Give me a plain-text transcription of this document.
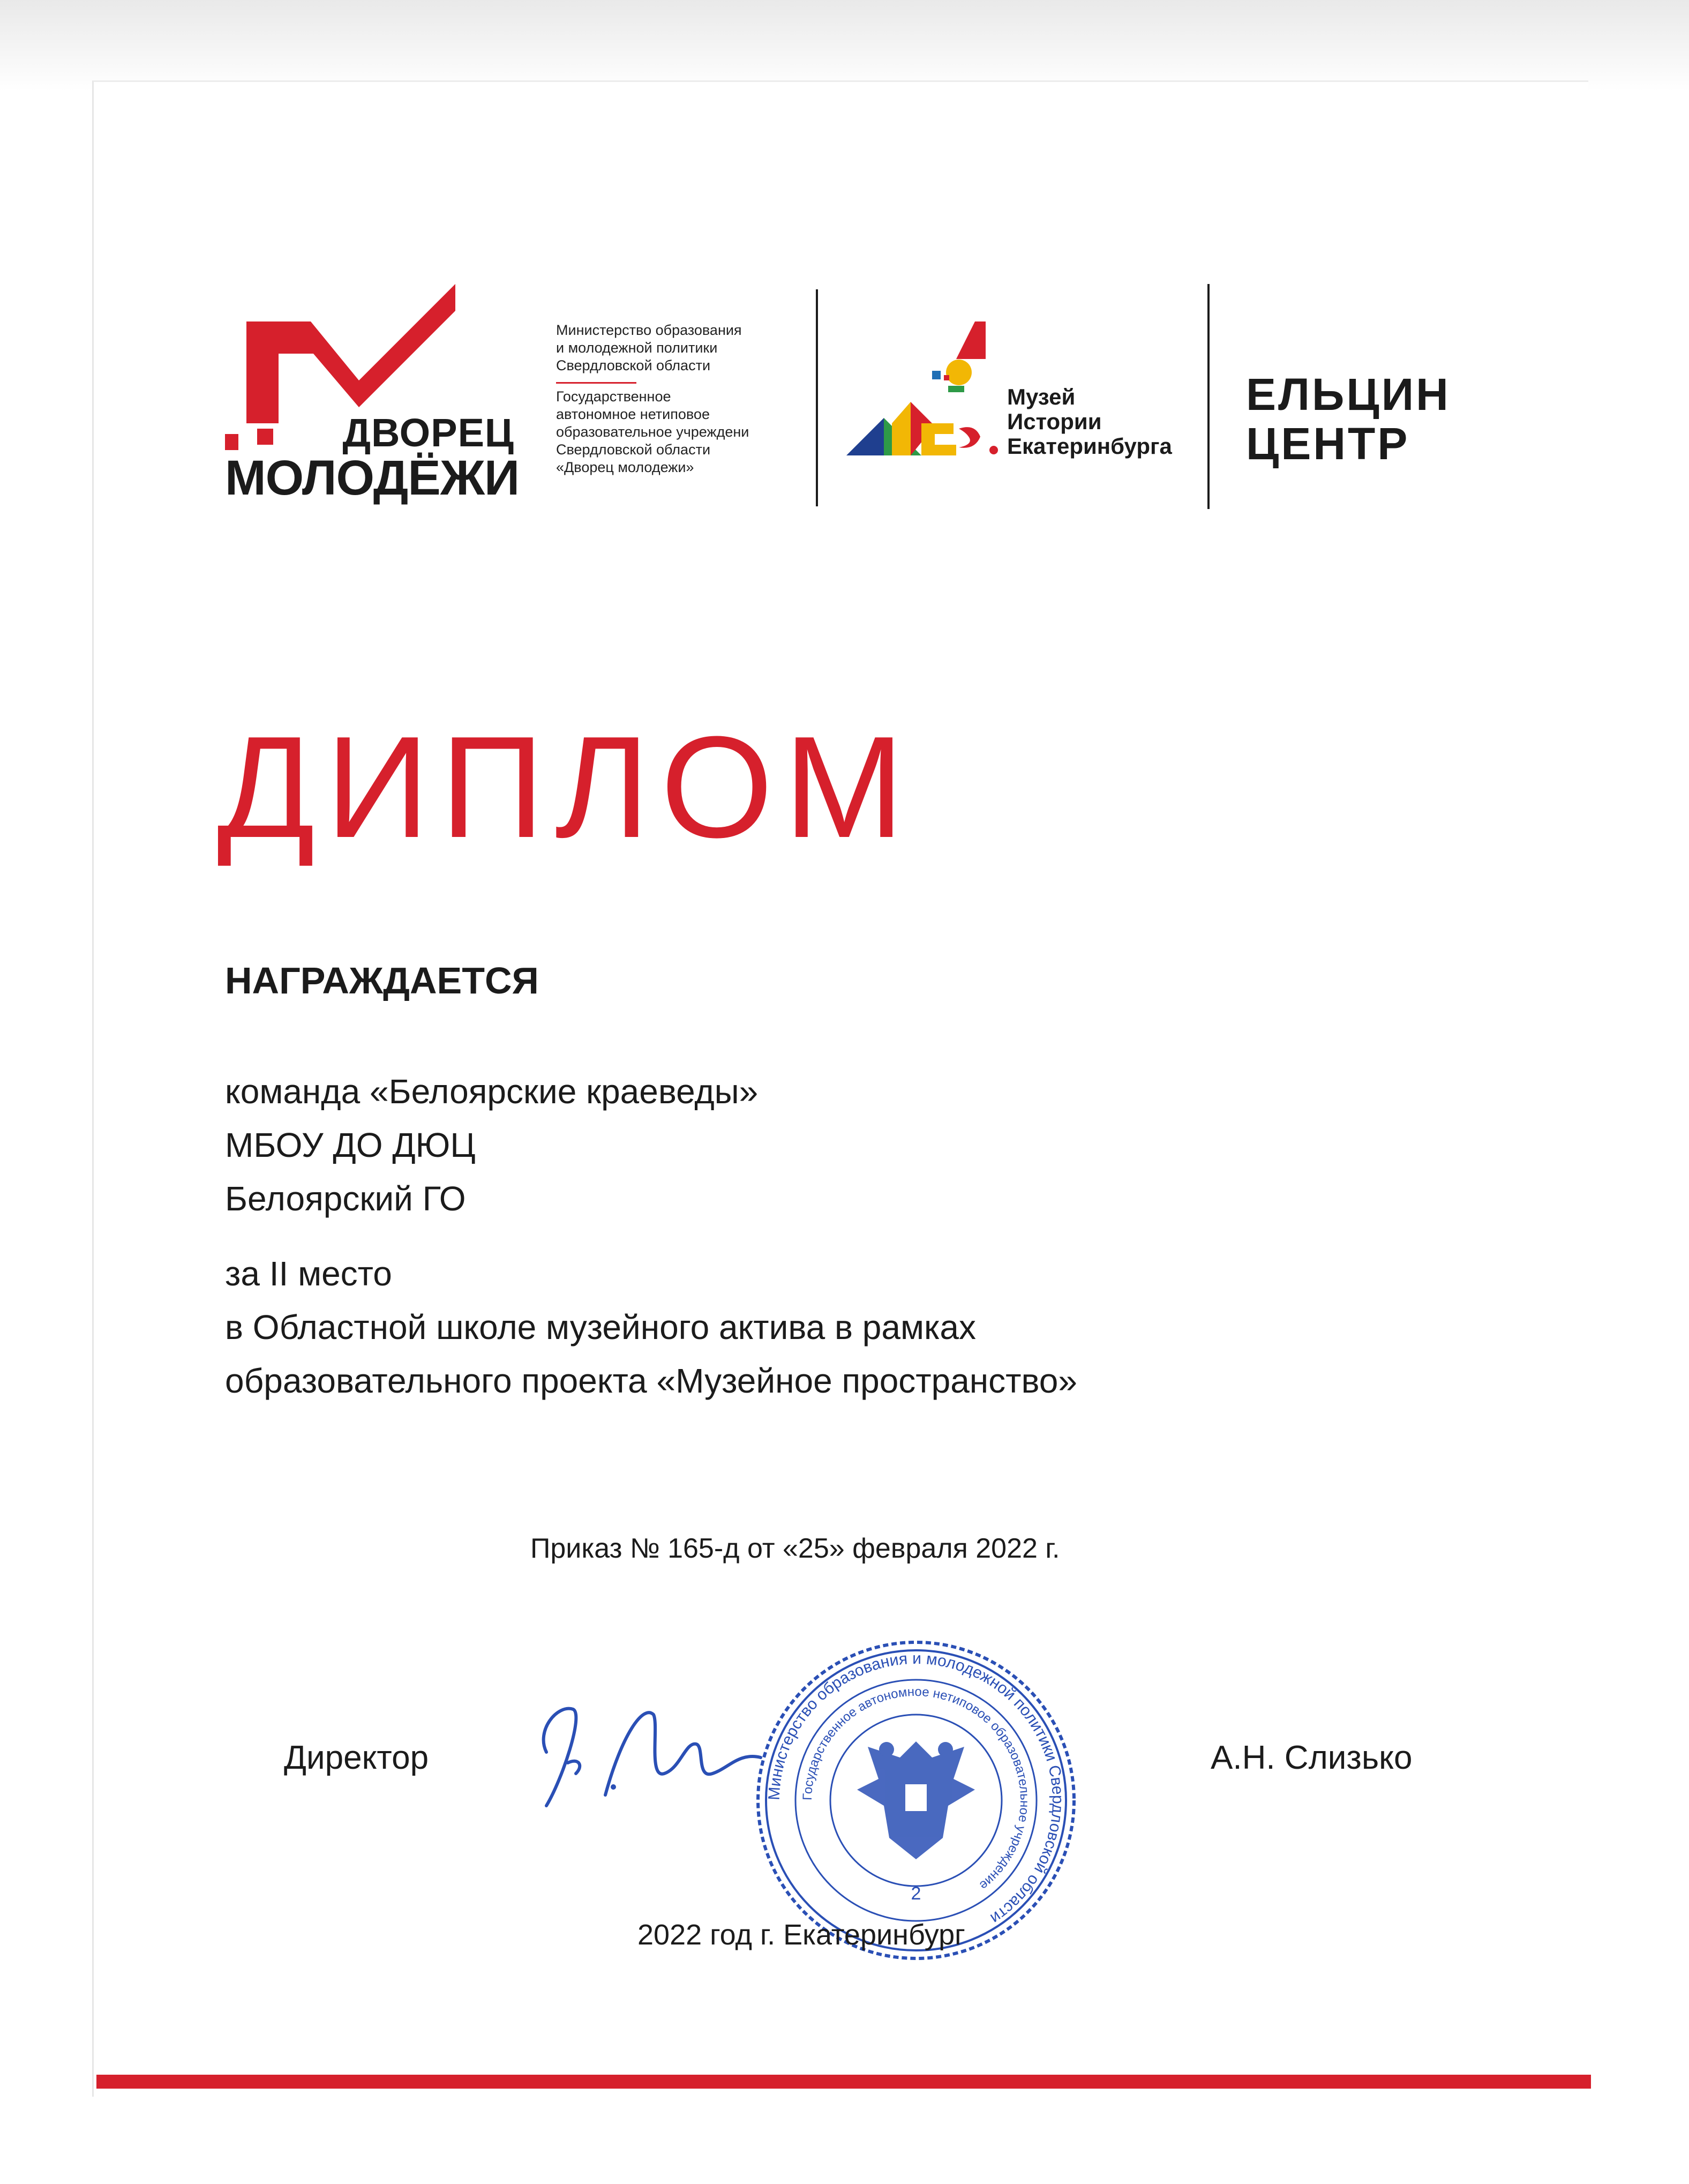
ДВОРЕЦ
МОЛОДЁЖИ
Министерство образования
и молодежной политики
Свердловской области
Государственное
автономное нетиповое
образовательное учреждени
Свердловской области
«Дворец молодежи»
Музей
Истории
Екатеринбурга
ЕЛЬЦИН
ЦЕНТР
ДИПЛОМ
НАГРАЖДАЕТСЯ
команда «Белоярские краеведы»
МБОУ ДО ДЮЦ
Белоярский ГО
за II место
в Областной школе музейного актива в рамках
образовательного проекта «Музейное пространство»
Приказ № 165-д от «25» февраля 2022 г.
Директор
Министерство образования и молодежной политики Свердловской области
Государственное автономное нетиповое образовательное учреждение
2
А.Н. Слизько
2022 год г. Екатеринбург
